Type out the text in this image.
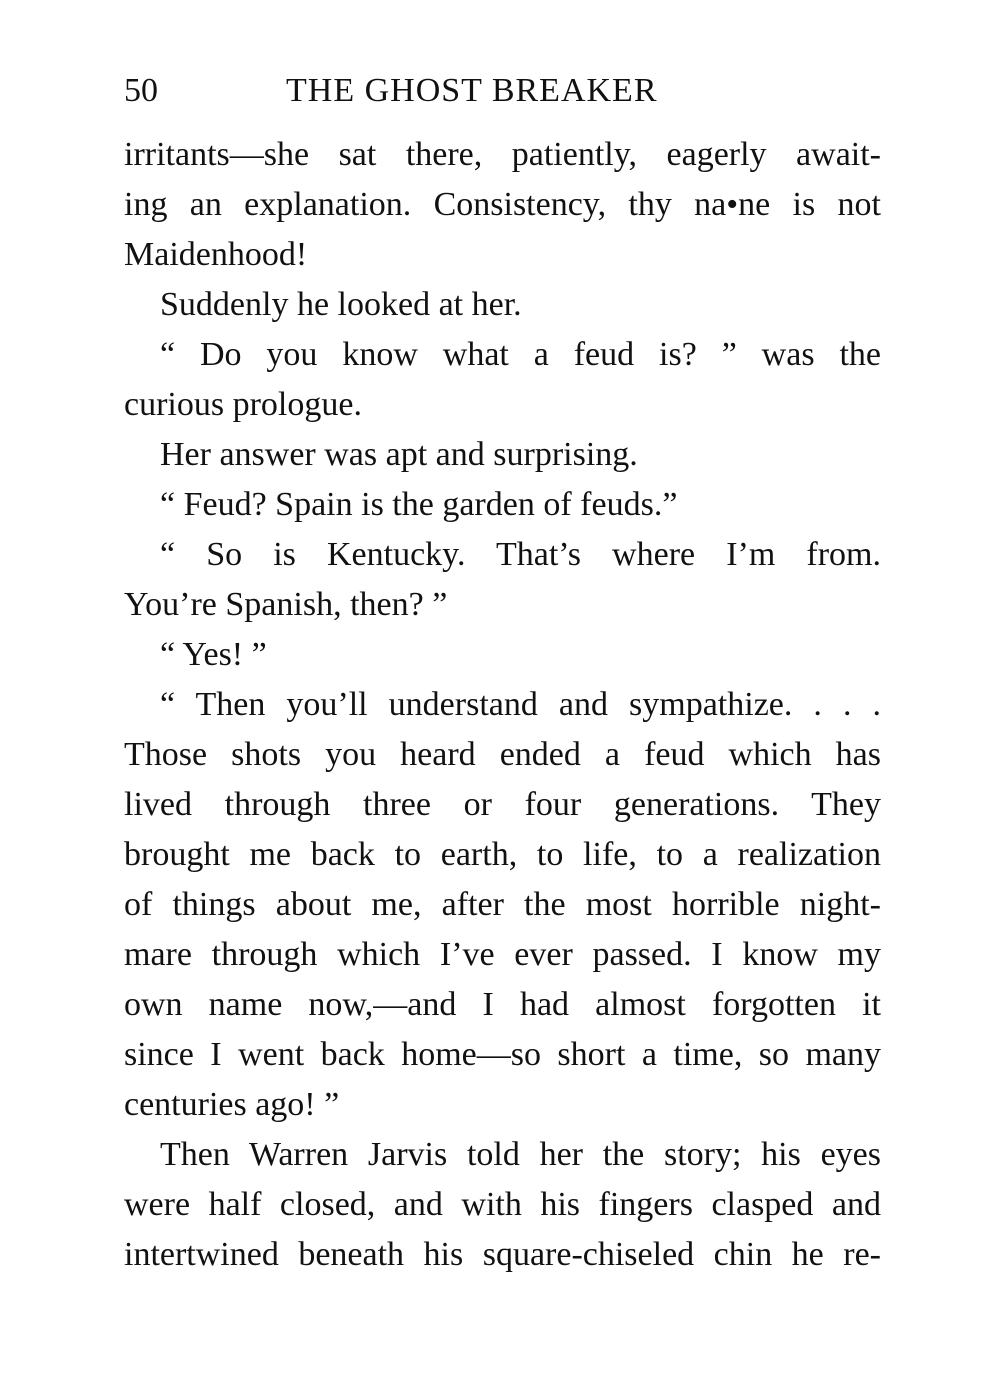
50	THE GHOST BREAKER
irritants—she sat there, patiently, eagerly await-
ing an explanation. Consistency, thy na•ne is not
Maidenhood!
Suddenly he looked at her.
“ Do you know what a feud is? ” was the
curious prologue.
Her answer was apt and surprising.
“ Feud? Spain is the garden of feuds.”
“ So is Kentucky. That’s where I’m from.
You’re Spanish, then? ”
“ Yes! ”
“ Then you’ll understand and sympathize. . . .
Those shots you heard ended a feud which has
lived through three or four generations. They
brought me back to earth, to life, to a realization
of things about me, after the most horrible night-
mare through which I’ve ever passed. I know my
own name now,—and I had almost forgotten it
since I went back home—so short a time, so many
centuries ago! ”
Then Warren Jarvis told her the story; his eyes
were half closed, and with his fingers clasped and
intertwined beneath his square-chiseled chin he re-
